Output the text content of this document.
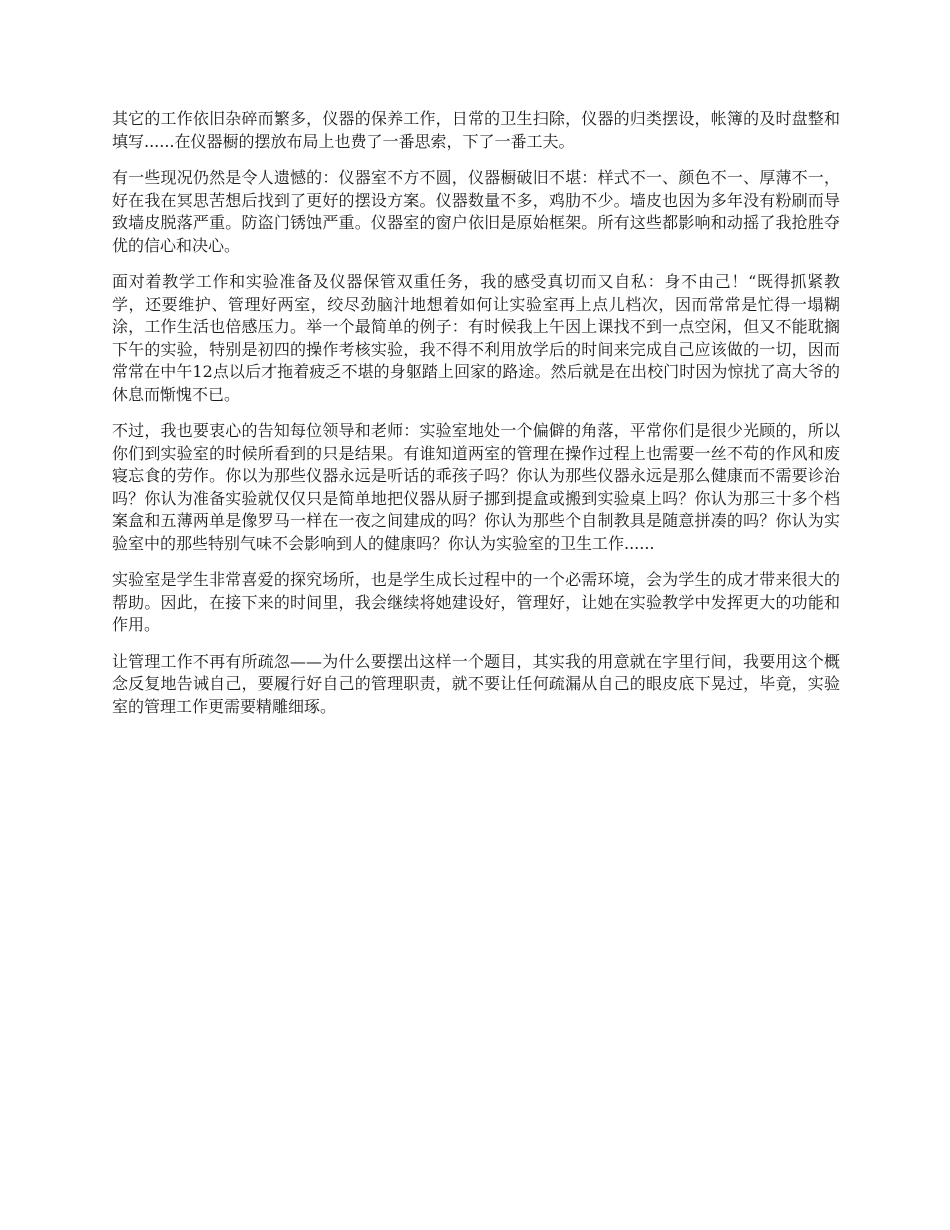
其它的工作依旧杂碎而繁多，仪器的保养工作，日常的卫生扫除，仪器的归类摆设，帐簿的及时盘整和填写......在仪器橱的摆放布局上也费了一番思索，下了一番工夫。

有一些现况仍然是令人遗憾的：仪器室不方不圆，仪器橱破旧不堪：样式不一、颜色不一、厚薄不一，好在我在冥思苦想后找到了更好的摆设方案。仪器数量不多，鸡肋不少。墙皮也因为多年没有粉刷而导致墙皮脱落严重。防盗门锈蚀严重。仪器室的窗户依旧是原始框架。所有这些都影响和动摇了我抢胜夺优的信心和决心。

面对着教学工作和实验准备及仪器保管双重任务，我的感受真切而又自私：身不由己！“既得抓紧教学，还要维护、管理好两室，绞尽劲脑汁地想着如何让实验室再上点儿档次，因而常常是忙得一塌糊涂，工作生活也倍感压力。举一个最简单的例子：有时候我上午因上课找不到一点空闲，但又不能耽搁下午的实验，特别是初四的操作考核实验，我不得不利用放学后的时间来完成自己应该做的一切，因而常常在中午12点以后才拖着疲乏不堪的身躯踏上回家的路途。然后就是在出校门时因为惊扰了高大爷的休息而惭愧不已。

不过，我也要衷心的告知每位领导和老师：实验室地处一个偏僻的角落，平常你们是很少光顾的，所以你们到实验室的时候所看到的只是结果。有谁知道两室的管理在操作过程上也需要一丝不苟的作风和废寝忘食的劳作。你以为那些仪器永远是听话的乖孩子吗？你认为那些仪器永远是那么健康而不需要诊治吗？你认为准备实验就仅仅只是简单地把仪器从厨子挪到提盒或搬到实验桌上吗？你认为那三十多个档案盒和五薄两单是像罗马一样在一夜之间建成的吗？你认为那些个自制教具是随意拼凑的吗？你认为实验室中的那些特别气味不会影响到人的健康吗？你认为实验室的卫生工作......

实验室是学生非常喜爱的探究场所，也是学生成长过程中的一个必需环境，会为学生的成才带来很大的帮助。因此，在接下来的时间里，我会继续将她建设好，管理好，让她在实验教学中发挥更大的功能和作用。

让管理工作不再有所疏忽——为什么要摆出这样一个题目，其实我的用意就在字里行间，我要用这个概念反复地告诫自己，要履行好自己的管理职责，就不要让任何疏漏从自己的眼皮底下晃过，毕竟，实验室的管理工作更需要精雕细琢。
